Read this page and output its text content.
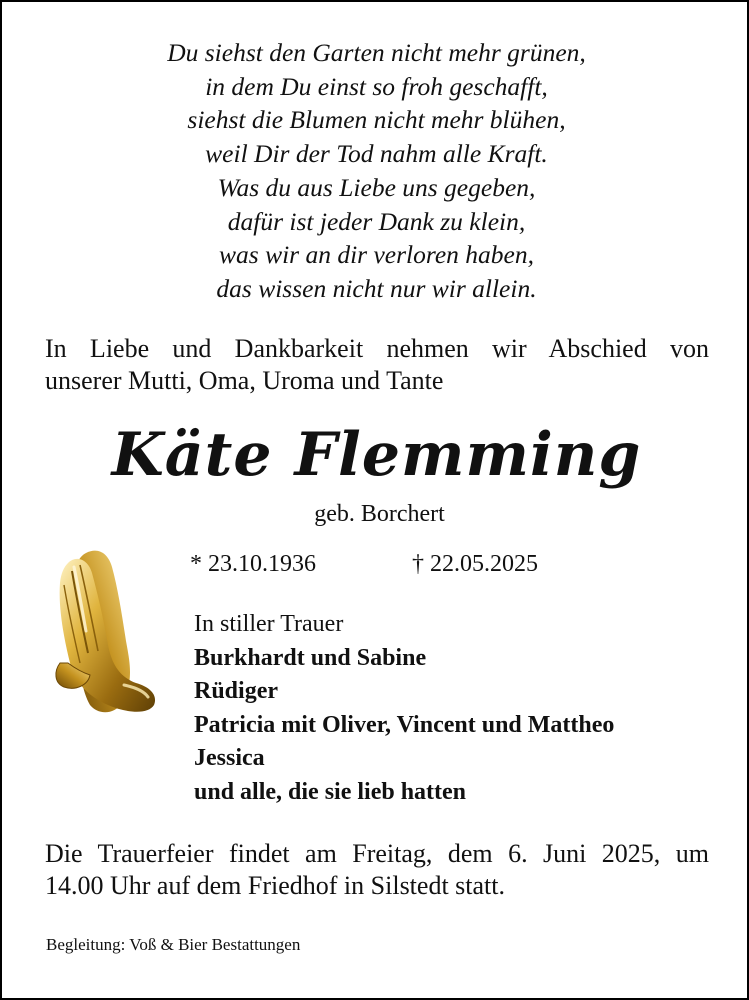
Du siehst den Garten nicht mehr grünen,
in dem Du einst so froh geschafft,
siehst die Blumen nicht mehr blühen,
weil Dir der Tod nahm alle Kraft.
Was du aus Liebe uns gegeben,
dafür ist jeder Dank zu klein,
was wir an dir verloren haben,
das wissen nicht nur wir allein.
In Liebe und Dankbarkeit nehmen wir Abschied von
unserer Mutti, Oma, Uroma und Tante
Käte Flemming
geb. Borchert
* 23.10.1936	† 22.05.2025
In stiller Trauer
Burkhardt und Sabine
Rüdiger
Patricia mit Oliver, Vincent und Mattheo
Jessica
und alle, die sie lieb hatten
Die Trauerfeier findet am Freitag, dem 6. Juni 2025, um
14.00 Uhr auf dem Friedhof in Silstedt statt.
Begleitung: Voß & Bier Bestattungen
